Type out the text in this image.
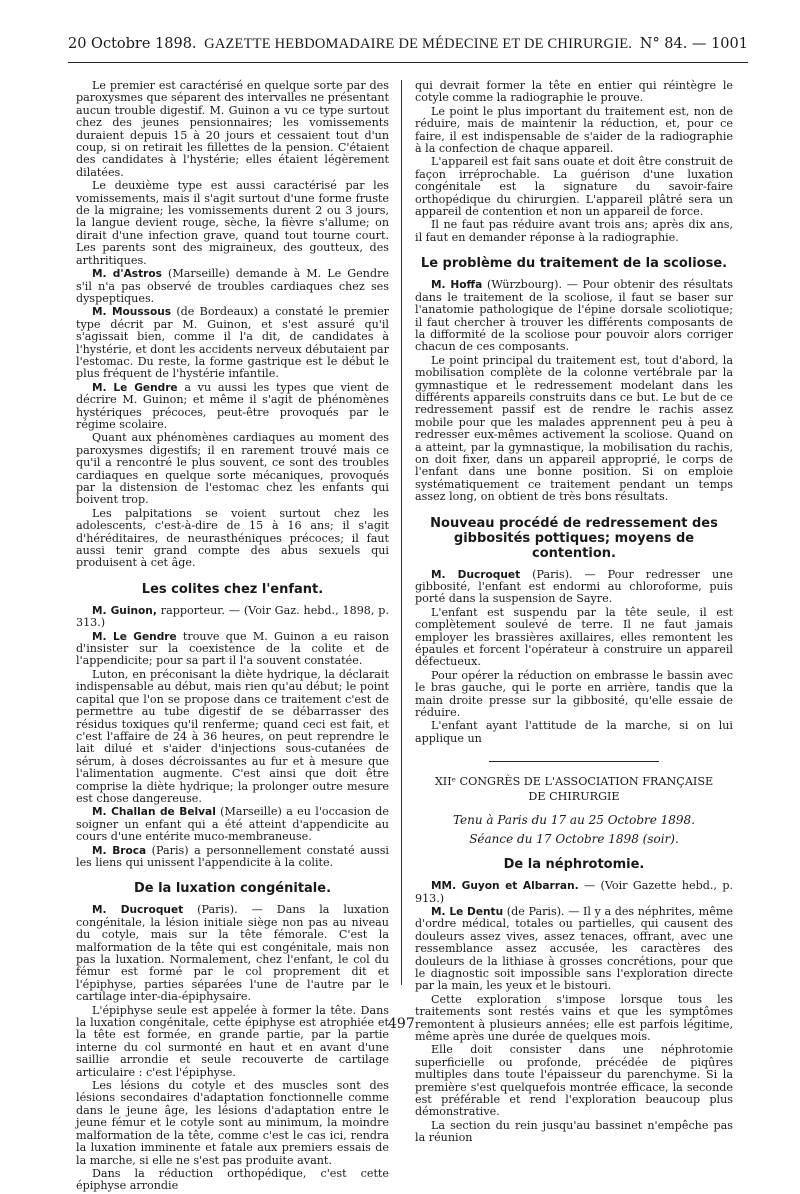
20 Octobre 1898. GAZETTE HEBDOMADAIRE DE MÉDECINE ET DE CHIRURGIE. N° 84. — 1001

Le premier est caractérisé en quelque sorte par des paroxysmes que séparent des intervalles ne présentant aucun trouble digestif. M. Guinon a vu ce type surtout chez des jeunes pensionnaires; les vomissements duraient depuis 15 à 20 jours et cessaient tout d'un coup, si on retirait les fillettes de la pension. C'étaient des candidates à l'hystérie; elles étaient légèrement dilatées.

Le deuxième type est aussi caractérisé par les vomissements, mais il s'agit surtout d'une forme fruste de la migraine; les vomissements durent 2 ou 3 jours, la langue devient rouge, sèche, la fièvre s'allume; on dirait d'une infection grave, quand tout tourne court. Les parents sont des migraineux, des goutteux, des arthritiques.

M. d'Astros (Marseille) demande à M. Le Gendre s'il n'a pas observé de troubles cardiaques chez ses dyspeptiques.

M. Moussous (de Bordeaux) a constaté le premier type décrit par M. Guinon, et s'est assuré qu'il s'agissait bien, comme il l'a dit, de candidates à l'hystérie, et dont les accidents nerveux débutaient par l'estomac. Du reste, la forme gastrique est le début le plus fréquent de l'hystérie infantile.

M. Le Gendre a vu aussi les types que vient de décrire M. Guinon; et même il s'agit de phénomènes hystériques précoces, peut-être provoqués par le régime scolaire.

Quant aux phénomènes cardiaques au moment des paroxysmes digestifs; il en rarement trouvé mais ce qu'il a rencontré le plus souvent, ce sont des troubles cardiaques en quelque sorte mécaniques, provoqués par la distension de l'estomac chez les enfants qui boivent trop.

Les palpitations se voient surtout chez les adolescents, c'est-à-dire de 15 à 16 ans; il s'agit d'héréditaires, de neurasthéniques précoces; il faut aussi tenir grand compte des abus sexuels qui produisent à cet âge.

Les colites chez l'enfant.

M. Guinon, rapporteur. — (Voir Gaz. hebd., 1898, p. 313.)

M. Le Gendre trouve que M. Guinon a eu raison d'insister sur la coexistence de la colite et de l'appendicite; pour sa part il l'a souvent constatée.

Luton, en préconisant la diète hydrique, la déclarait indispensable au début, mais rien qu'au début; le point capital que l'on se propose dans ce traitement c'est de permettre au tube digestif de se débarrasser des résidus toxiques qu'il renferme; quand ceci est fait, et c'est l'affaire de 24 à 36 heures, on peut reprendre le lait dilué et s'aider d'injections sous-cutanées de sérum, à doses décroissantes au fur et à mesure que l'alimentation augmente. C'est ainsi que doit être comprise la diète hydrique; la prolonger outre mesure est chose dangereuse.

M. Challan de Belval (Marseille) a eu l'occasion de soigner un enfant qui a été atteint d'appendicite au cours d'une entérite muco-membraneuse.

M. Broca (Paris) a personnellement constaté aussi les liens qui unissent l'appendicite à la colite.

De la luxation congénitale.

M. Ducroquet (Paris). — Dans la luxation congénitale, la lésion initiale siège non pas au niveau du cotyle, mais sur la tête fémorale. C'est la malformation de la tête qui est congénitale, mais non pas la luxation. Normalement, chez l'enfant, le col du fémur est formé par le col proprement dit et l'épiphyse, parties séparées l'une de l'autre par le cartilage inter-dia-épiphysaire.

L'épiphyse seule est appelée à former la tête. Dans la luxation congénitale, cette épiphyse est atrophiée et la tête est formée, en grande partie, par la partie interne du col surmonté en haut et en avant d'une saillie arrondie et seule recouverte de cartilage articulaire : c'est l'épiphyse.

Les lésions du cotyle et des muscles sont des lésions secondaires d'adaptation fonctionnelle comme dans le jeune âge, les lésions d'adaptation entre le jeune fémur et le cotyle sont au minimum, la moindre malformation de la tête, comme c'est le cas ici, rendra la luxation imminente et fatale aux premiers essais de la marche, si elle ne s'est pas produite avant.

Dans la réduction orthopédique, c'est cette épiphyse arrondie

qui devrait former la tête en entier qui réintègre le cotyle comme la radiographie le prouve.

Le point le plus important du traitement est, non de réduire, mais de maintenir la réduction, et, pour ce faire, il est indispensable de s'aider de la radiographie à la confection de chaque appareil.

L'appareil est fait sans ouate et doit être construit de façon irréprochable. La guérison d'une luxation congénitale est la signature du savoir-faire orthopédique du chirurgien. L'appareil plâtré sera un appareil de contention et non un appareil de force.

Il ne faut pas réduire avant trois ans; après dix ans, il faut en demander réponse à la radiographie.

Le problème du traitement de la scoliose.

M. Hoffa (Würzbourg). — Pour obtenir des résultats dans le traitement de la scoliose, il faut se baser sur l'anatomie pathologique de l'épine dorsale scoliotique; il faut chercher à trouver les différents composants de la difformité de la scoliose pour pouvoir alors corriger chacun de ces composants.

Le point principal du traitement est, tout d'abord, la mobilisation complète de la colonne vertébrale par la gymnastique et le redressement modelant dans les différents appareils construits dans ce but. Le but de ce redressement passif est de rendre le rachis assez mobile pour que les malades apprennent peu à peu à redresser eux-mêmes activement la scoliose. Quand on a atteint, par la gymnastique, la mobilisation du rachis, on doit fixer, dans un appareil approprié, le corps de l'enfant dans une bonne position. Si on emploie systématiquement ce traitement pendant un temps assez long, on obtient de très bons résultats.

Nouveau procédé de redressement des gibbosités pottiques; moyens de contention.

M. Ducroquet (Paris). — Pour redresser une gibbosité, l'enfant est endormi au chloroforme, puis porté dans la suspension de Sayre.

L'enfant est suspendu par la tête seule, il est complètement soulevé de terre. Il ne faut jamais employer les brassières axillaires, elles remontent les épaules et forcent l'opérateur à construire un appareil défectueux.

Pour opérer la réduction on embrasse le bassin avec le bras gauche, qui le porte en arrière, tandis que la main droite presse sur la gibbosité, qu'elle essaie de réduire.

L'enfant ayant l'attitude de la marche, si on lui applique un

XIIᵉ CONGRÈS DE L'ASSOCIATION FRANÇAISE
DE CHIRURGIE
Tenu à Paris du 17 au 25 Octobre 1898.
Séance du 17 Octobre 1898 (soir).
De la néphrotomie.

MM. Guyon et Albarran. — (Voir Gazette hebd., p. 913.)

M. Le Dentu (de Paris). — Il y a des néphrites, même d'ordre médical, totales ou partielles, qui causent des douleurs assez vives, assez tenaces, offrant, avec une ressemblance assez accusée, les caractères des douleurs de la lithiase à grosses concrétions, pour que le diagnostic soit impossible sans l'exploration directe par la main, les yeux et le bistouri.

Cette exploration s'impose lorsque tous les traitements sont restés vains et que les symptômes remontent à plusieurs années; elle est parfois légitime, même après une durée de quelques mois.

Elle doit consister dans une néphrotomie superficielle ou profonde, précédée de piqûres multiples dans toute l'épaisseur du parenchyme. Si la première s'est quelquefois montrée efficace, la seconde est préférable et rend l'exploration beaucoup plus démonstrative.

La section du rein jusqu'au bassinet n'empêche pas la réunion

497
